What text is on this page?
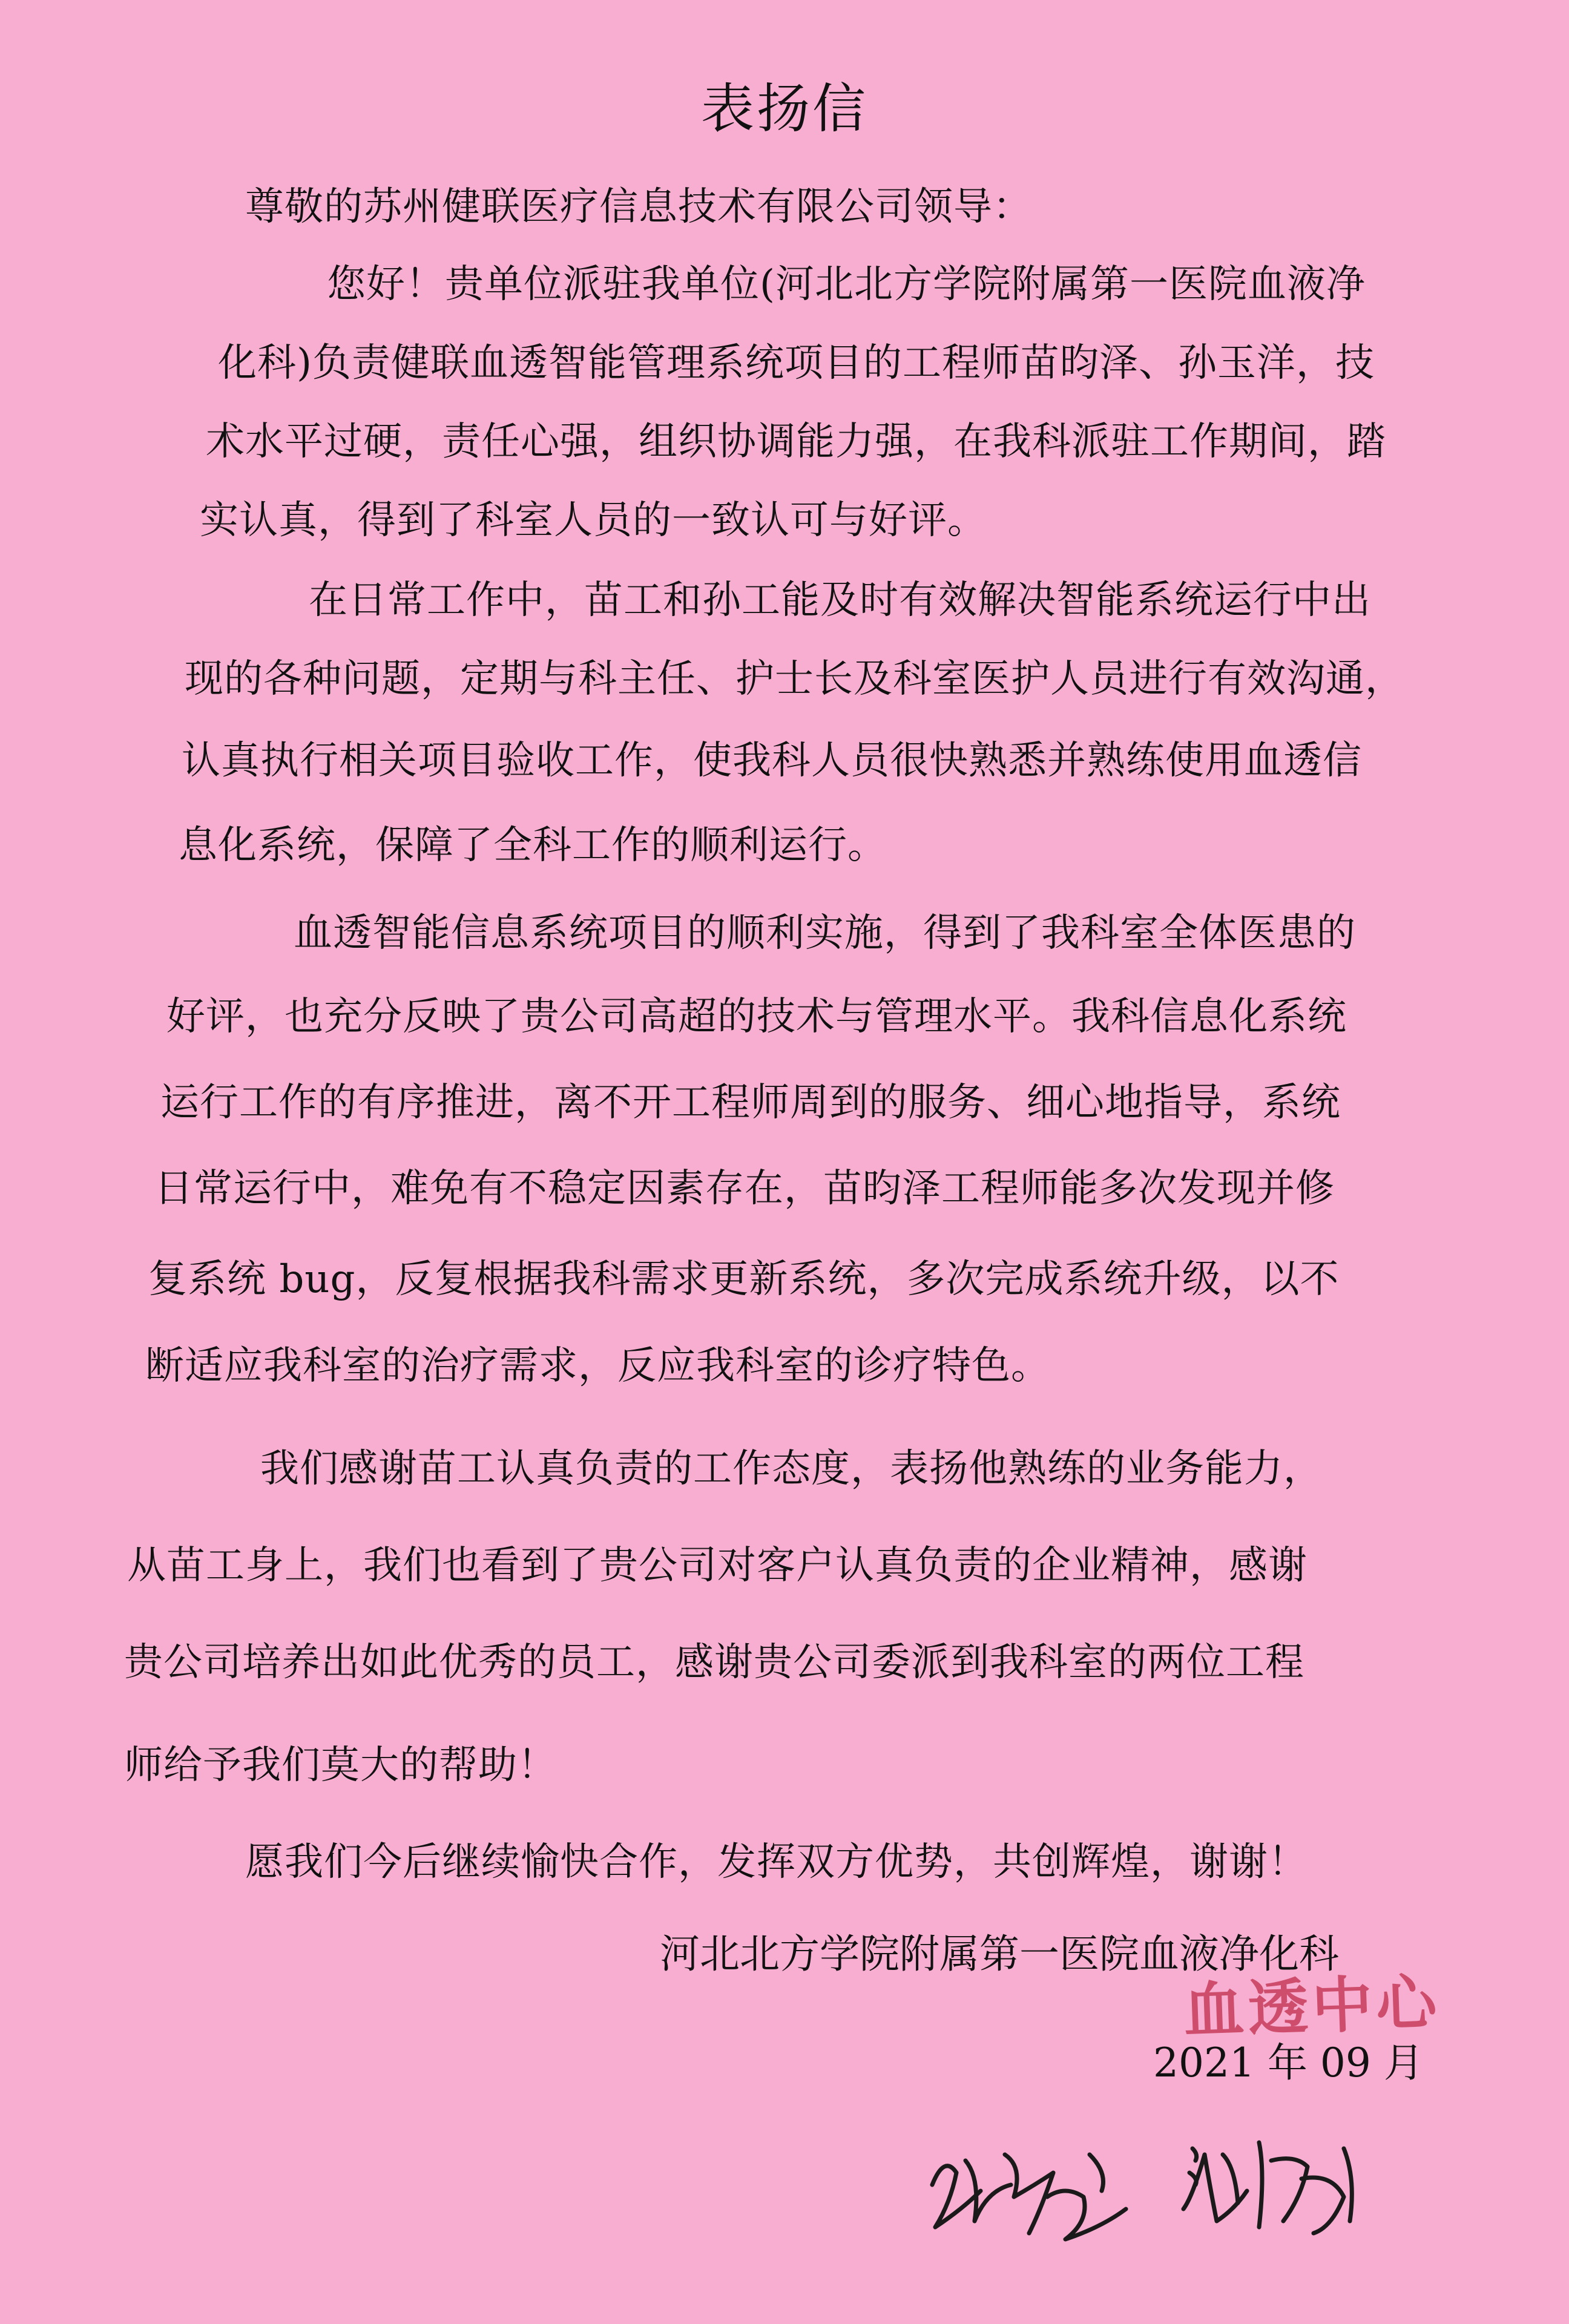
表扬信
尊敬的苏州健联医疗信息技术有限公司领导：
您好！贵单位派驻我单位(河北北方学院附属第一医院血液净
化科)负责健联血透智能管理系统项目的工程师苗昀泽、孙玉洋，技
术水平过硬，责任心强，组织协调能力强，在我科派驻工作期间，踏
实认真，得到了科室人员的一致认可与好评。
在日常工作中，苗工和孙工能及时有效解决智能系统运行中出
现的各种问题，定期与科主任、护士长及科室医护人员进行有效沟通，
认真执行相关项目验收工作，使我科人员很快熟悉并熟练使用血透信
息化系统，保障了全科工作的顺利运行。
血透智能信息系统项目的顺利实施，得到了我科室全体医患的
好评，也充分反映了贵公司高超的技术与管理水平。我科信息化系统
运行工作的有序推进，离不开工程师周到的服务、细心地指导，系统
日常运行中，难免有不稳定因素存在，苗昀泽工程师能多次发现并修
复系统 bug，反复根据我科需求更新系统，多次完成系统升级，以不
断适应我科室的治疗需求，反应我科室的诊疗特色。
我们感谢苗工认真负责的工作态度，表扬他熟练的业务能力，
从苗工身上，我们也看到了贵公司对客户认真负责的企业精神，感谢
贵公司培养出如此优秀的员工，感谢贵公司委派到我科室的两位工程
师给予我们莫大的帮助！
愿我们今后继续愉快合作，发挥双方优势，共创辉煌，谢谢！
河北北方学院附属第一医院血液净化科
血透中心
2021 年 09 月
